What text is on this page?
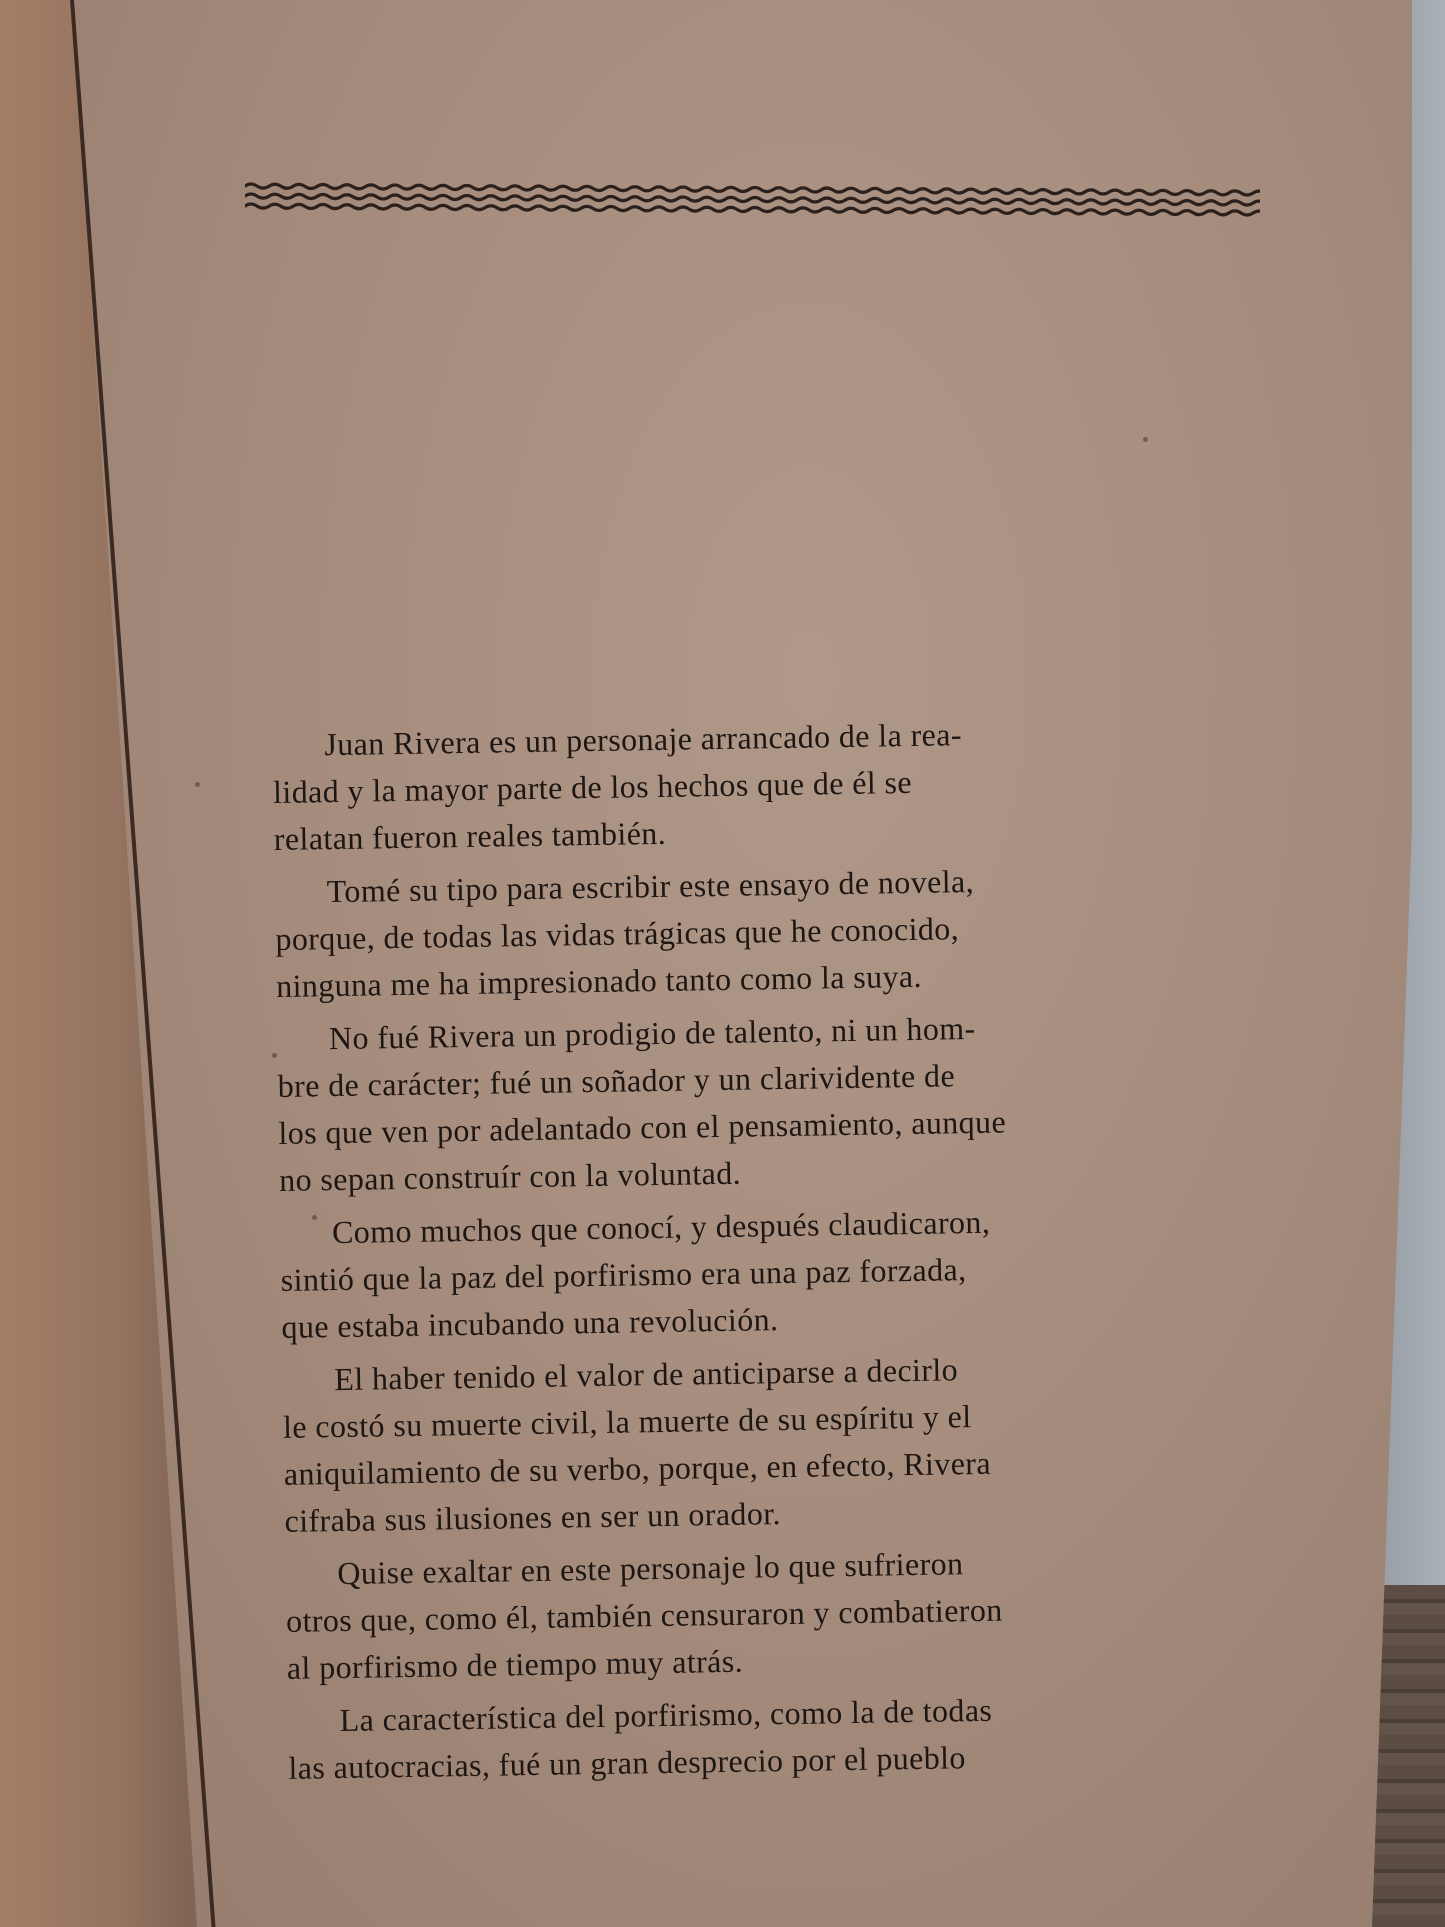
Juan Rivera es un personaje arrancado de la rea-
lidad y la mayor parte de los hechos que de él se
relatan fueron reales también.

Tomé su tipo para escribir este ensayo de novela,
porque, de todas las vidas trágicas que he conocido,
ninguna me ha impresionado tanto como la suya.

No fué Rivera un prodigio de talento, ni un hom-
bre de carácter; fué un soñador y un clarividente de
los que ven por adelantado con el pensamiento, aunque
no sepan construír con la voluntad.

Como muchos que conocí, y después claudicaron,
sintió que la paz del porfirismo era una paz forzada,
que estaba incubando una revolución.

El haber tenido el valor de anticiparse a decirlo
le costó su muerte civil, la muerte de su espíritu y el
aniquilamiento de su verbo, porque, en efecto, Rivera
cifraba sus ilusiones en ser un orador.

Quise exaltar en este personaje lo que sufrieron
otros que, como él, también censuraron y combatieron
al porfirismo de tiempo muy atrás.

La característica del porfirismo, como la de todas
las autocracias, fué un gran desprecio por el pueblo
